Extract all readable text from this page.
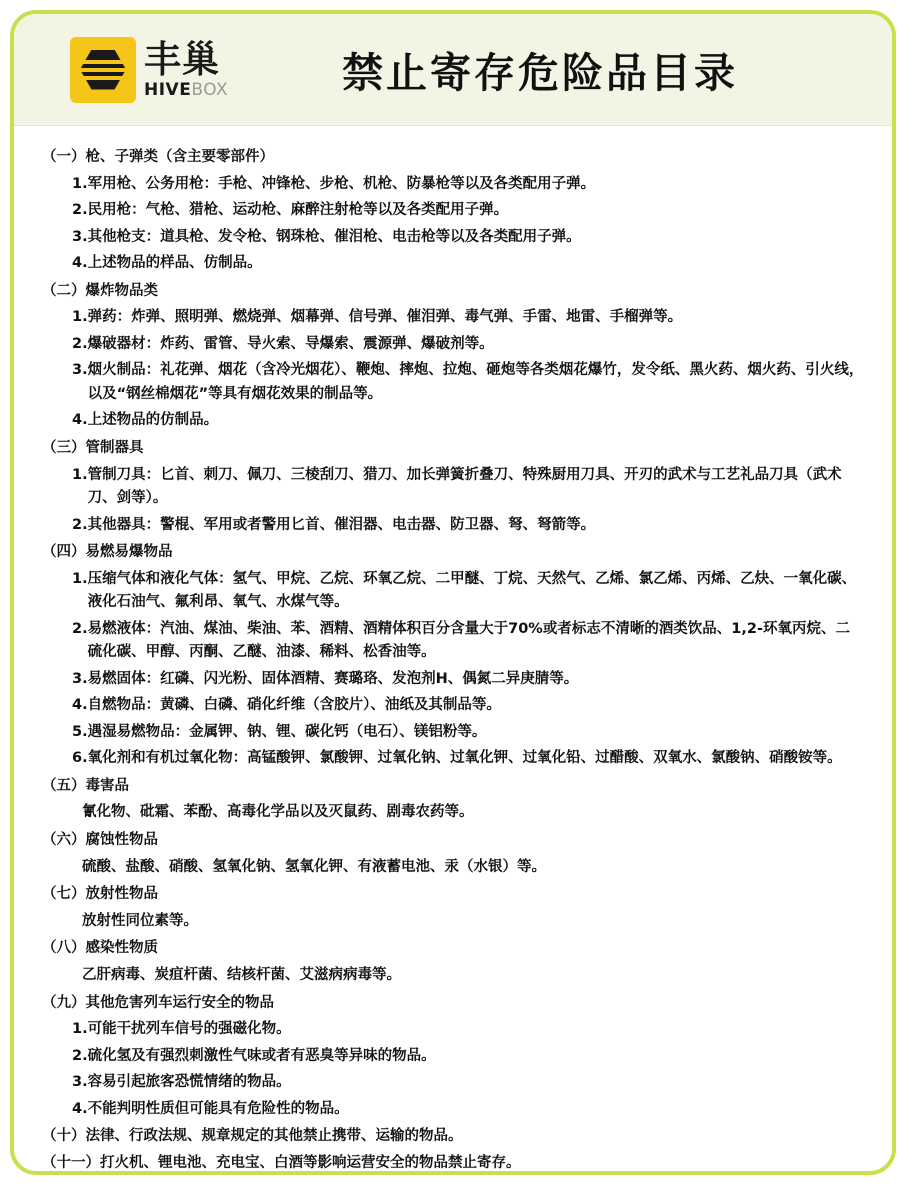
丰巢
HIVEBOX	禁止寄存危险品目录
（一）枪、子弹类（含主要零部件）
1. 军用枪、公务用枪：手枪、冲锋枪、步枪、机枪、防暴枪等以及各类配用子弹。
2. 民用枪：气枪、猎枪、运动枪、麻醉注射枪等以及各类配用子弹。
3. 其他枪支：道具枪、发令枪、钢珠枪、催泪枪、电击枪等以及各类配用子弹。
4. 上述物品的样品、仿制品。
（二）爆炸物品类
1. 弹药：炸弹、照明弹、燃烧弹、烟幕弹、信号弹、催泪弹、毒气弹、手雷、地雷、手榴弹等。
2. 爆破器材：炸药、雷管、导火索、导爆索、震源弹、爆破剂等。
3. 烟火制品：礼花弹、烟花（含冷光烟花）、鞭炮、摔炮、拉炮、砸炮等各类烟花爆竹，发令纸、黑火药、烟火药、引火线，以及“钢丝棉烟花”等具有烟花效果的制品等。
4. 上述物品的仿制品。
（三）管制器具
1. 管制刀具：匕首、刺刀、佩刀、三棱刮刀、猎刀、加长弹簧折叠刀、特殊厨用刀具、开刃的武术与工艺礼品刀具（武术刀、剑等）。
2. 其他器具：警棍、军用或者警用匕首、催泪器、电击器、防卫器、弩、弩箭等。
（四）易燃易爆物品
1. 压缩气体和液化气体：氢气、甲烷、乙烷、环氧乙烷、二甲醚、丁烷、天然气、乙烯、氯乙烯、丙烯、乙炔、一氧化碳、液化石油气、氟利昂、氧气、水煤气等。
2. 易燃液体：汽油、煤油、柴油、苯、酒精、酒精体积百分含量大于70%或者标志不清晰的酒类饮品、1,2-环氧丙烷、二硫化碳、甲醇、丙酮、乙醚、油漆、稀料、松香油等。
3. 易燃固体：红磷、闪光粉、固体酒精、赛璐珞、发泡剂H、偶氮二异庚腈等。
4. 自燃物品：黄磷、白磷、硝化纤维（含胶片）、油纸及其制品等。
5. 遇湿易燃物品：金属钾、钠、锂、碳化钙（电石）、镁铝粉等。
6. 氧化剂和有机过氧化物：高锰酸钾、氯酸钾、过氧化钠、过氧化钾、过氧化铅、过醋酸、双氧水、氯酸钠、硝酸铵等。
（五）毒害品
氰化物、砒霜、苯酚、高毒化学品以及灭鼠药、剧毒农药等。
（六）腐蚀性物品
硫酸、盐酸、硝酸、氢氧化钠、氢氧化钾、有液蓄电池、汞（水银）等。
（七）放射性物品
放射性同位素等。
（八）感染性物质
乙肝病毒、炭疽杆菌、结核杆菌、艾滋病病毒等。
（九）其他危害列车运行安全的物品
1. 可能干扰列车信号的强磁化物。
2. 硫化氢及有强烈刺激性气味或者有恶臭等异味的物品。
3. 容易引起旅客恐慌情绪的物品。
4. 不能判明性质但可能具有危险性的物品。
（十）法律、行政法规、规章规定的其他禁止携带、运输的物品。
（十一）打火机、锂电池、充电宝、白酒等影响运营安全的物品禁止寄存。
